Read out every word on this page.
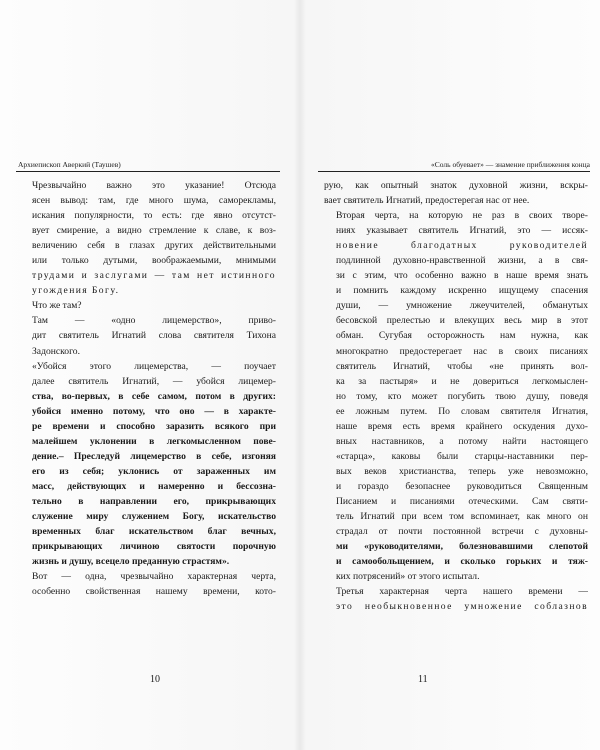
Архиепископ Аверкий (Таушев)

Чрезвычайно важно это указание! Отсюда
ясен вывод: там, где много шума, саморекламы,
искания популярности, то есть: где явно отсутст-
вует смирение, а видно стремление к славе, к воз-
величению себя в глазах других действительными
или только дутыми, воображаемыми, мнимыми
трудами и заслугами — там нет истинного
угождения Богу.

Что же там?

Там — «одно лицемерство», приво-
дит святитель Игнатий слова святителя Тихона
Задонского.

«Убойся этого лицемерства, — поучает
далее святитель Игнатий, — убойся лицемер-
ства, во-первых, в себе самом, потом в других:
убойся именно потому, что оно — в характе-
ре времени и способно заразить всякого при
малейшем уклонении в легкомысленном пове-
дение.– Преследуй лицемерство в себе, изгоняя
его из себя; уклонись от зараженных им
масс, действующих и намеренно и бессозна-
тельно в направлении его, прикрывающих
служение миру служением Богу, искательство
временных благ искательством благ вечных,
прикрывающих личиною святости порочную
жизнь и душу, всецело преданную страстям».

Вот — одна, чрезвычайно характерная черта,
особенно свойственная нашему времени, кото-

10
«Соль обуевает» — знамение приближения конца

рую, как опытный знаток духовной жизни, вскры-
вает святитель Игнатий, предостерегая нас от нее.

Вторая черта, на которую не раз в своих творе-
ниях указывает святитель Игнатий, это — иссяк-
новение благодатных руководителей
подлинной духовно-нравственной жизни, а в свя-
зи с этим, что особенно важно в наше время знать
и помнить каждому искренно ищущему спасения
души, — умножение лжеучителей, обманутых
бесовской прелестью и влекущих весь мир в этот
обман. Сугубая осторожность нам нужна, как
многократно предостерегает нас в своих писаниях
святитель Игнатий, чтобы «не принять вол-
ка за пастыря» и не довериться легкомыслен-
но тому, кто может погубить твою душу, поведя
ее ложным путем. По словам святителя Игнатия,
наше время есть время крайнего оскудения духо-
вных наставников, а потому найти настоящего
«старца», каковы были старцы-наставники пер-
вых веков христианства, теперь уже невозможно,
и гораздо безопаснее руководиться Священным
Писанием и писаниями отеческими. Сам святи-
тель Игнатий при всем том вспоминает, как много он
страдал от почти постоянной встречи с духовны-
ми «руководителями, болезновавшими слепотой
и самообольщением, и сколько горьких и тяж-
ких потрясений» от этого испытал.

Третья характерная черта нашего времени —
это необыкновенное умножение соблазнов

11
